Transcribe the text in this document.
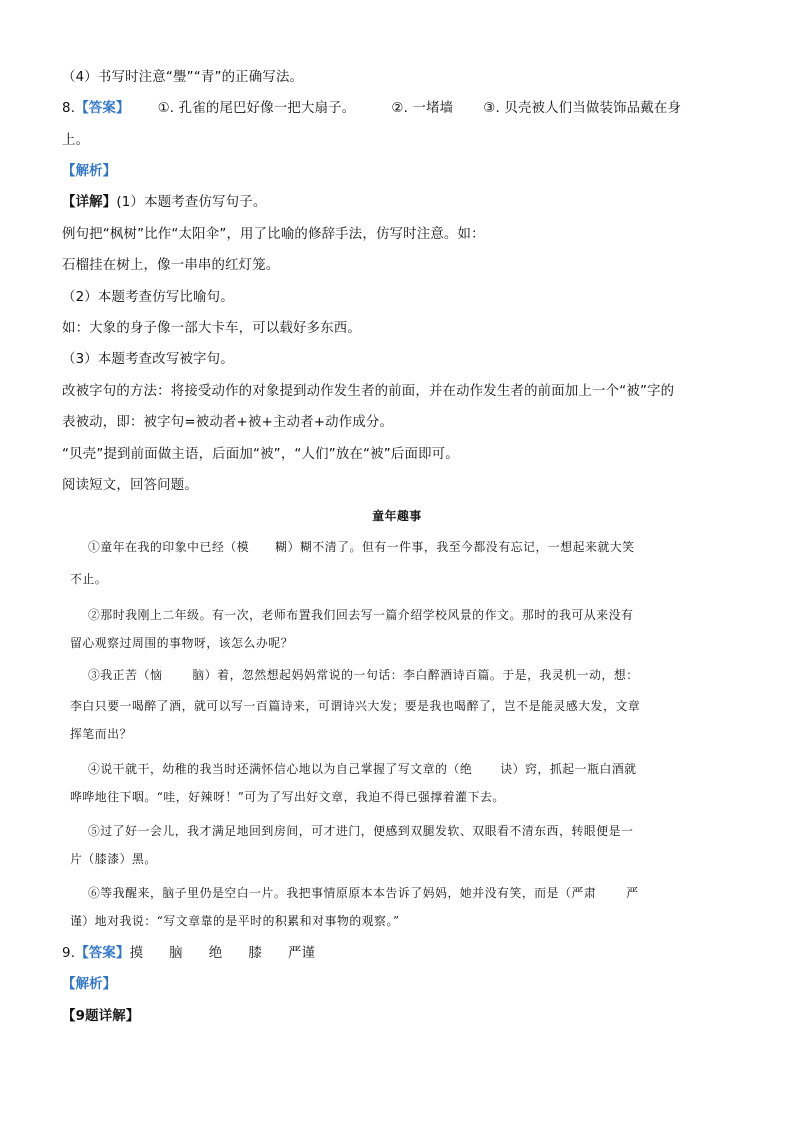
（4）书写时注意“璺”“青”的正确写法。
8.【答案】 ①. 孔雀的尾巴好像一把大扇子。	②. 一堵墙 ③. 贝壳被人们当做装饰品戴在身
上。
【解析】
【详解】(1）本题考查仿写句子。
例句把“枫树”比作“太阳伞”，用了比喻的修辞手法，仿写时注意。如：
石榴挂在树上，像一串串的红灯笼。
（2）本题考查仿写比喻句。
如：大象的身子像一部大卡车，可以载好多东西。
（3）本题考查改写被字句。
改被字句的方法：将接受动作的对象提到动作发生者的前面，并在动作发生者的前面加上一个“被”字的
表被动，即：被字句=被动者+被+主动者+动作成分。
“贝壳”提到前面做主语，后面加“被”，“人们”放在“被”后面即可。
阅读短文，回答问题。
童年趣事
①童年在我的印象中已经（模 糊）糊不清了。但有一件事，我至今都没有忘记，一想起来就大笑
不止。
②那时我刚上二年级。有一次，老师布置我们回去写一篇介绍学校风景的作文。那时的我可从来没有
留心观察过周围的事物呀，该怎么办呢？
③我正苦（恼	脑）着，忽然想起妈妈常说的一句话：李白醉酒诗百篇。于是，我灵机一动，想：
李白只要一喝醉了酒，就可以写一百篇诗来，可谓诗兴大发；要是我也喝醉了，岂不是能灵感大发，文章
挥笔而出？
④说干就干，幼稚的我当时还满怀信心地以为自己掌握了写文章的（绝 诀）窍，抓起一瓶白酒就
哗哗地往下咽。“哇，好辣呀！”可为了写出好文章，我迫不得已强撑着灌下去。
⑤过了好一会儿，我才满足地回到房间，可才进门，便感到双腿发软、双眼看不清东西，转眼便是一
片（膝漆）黑。
⑥等我醒来，脑子里仍是空白一片。我把事情原原本本告诉了妈妈，她并没有笑，而是（严肃	严
谨）地对我说：“写文章靠的是平时的积累和对事物的观察。”
9.【答案】摸 脑 绝 膝 严谨
【解析】
【9题详解】
